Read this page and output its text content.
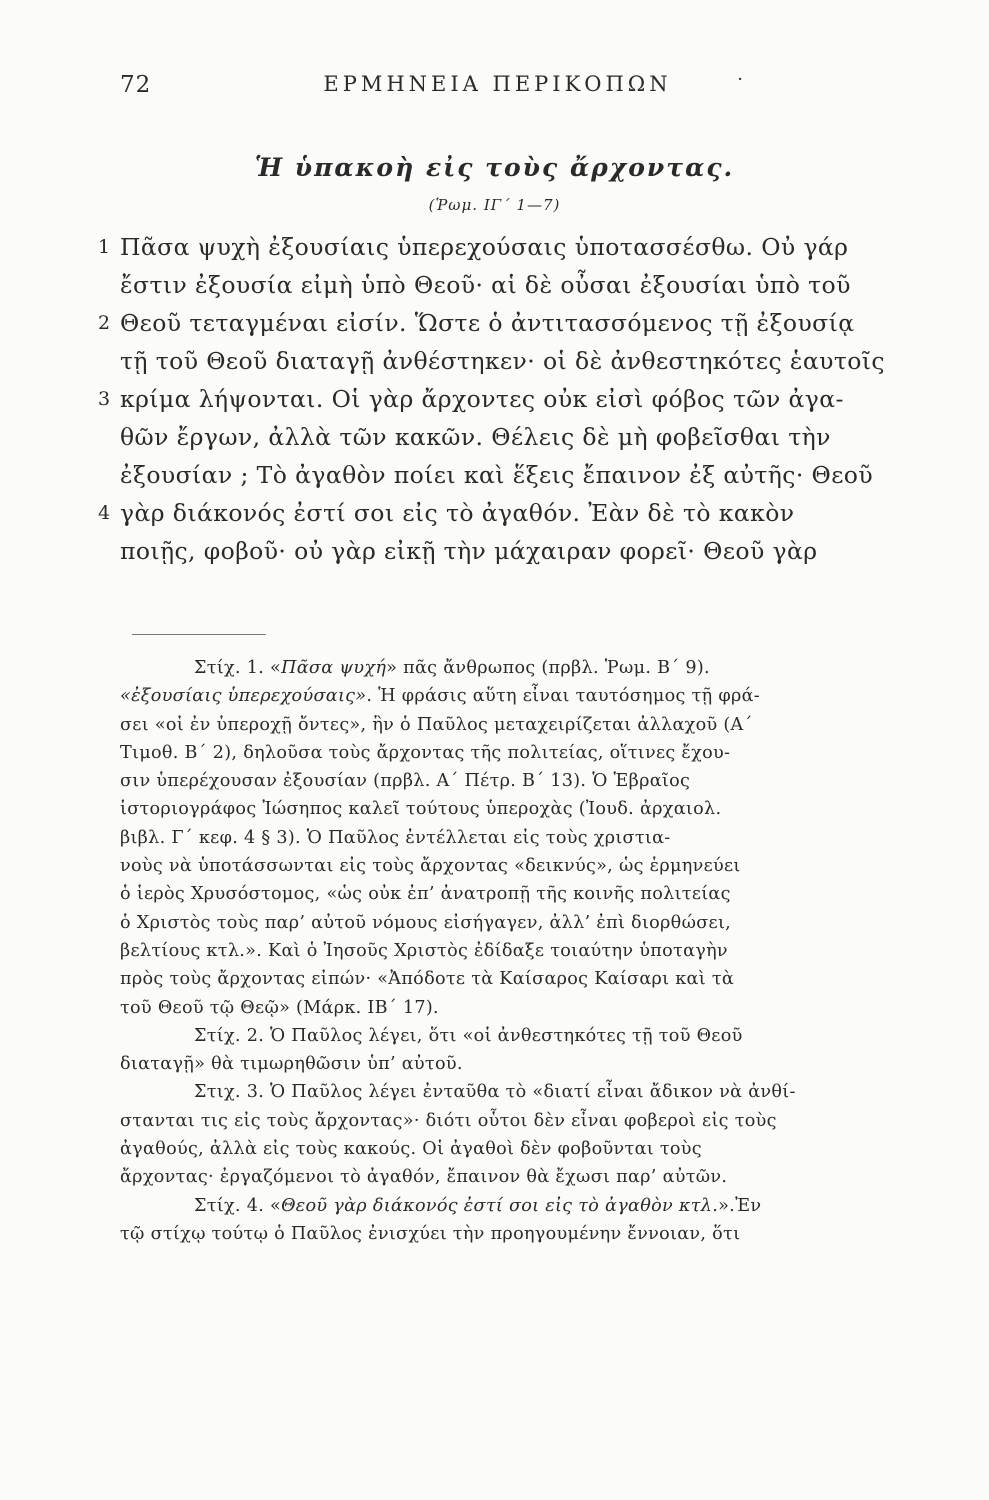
72	ΕΡΜΗΝΕΙΑ ΠΕΡΙΚΟΠΩΝ	·
Ἡ ὑπακοὴ εἰς τοὺς ἄρχοντας.
(Ῥωμ. ΙΓ´ 1—7)
1 Πᾶσα ψυχὴ ἐξουσίαις ὑπερεχούσαις ὑποτασσέσθω. Οὐ γάρ
ἔστιν ἐξουσία εἰμὴ ὑπὸ Θεοῦ· αἱ δὲ οὖσαι ἐξουσίαι ὑπὸ τοῦ
2 Θεοῦ τεταγμέναι εἰσίν. Ὥστε ὁ ἀντιτασσόμενος τῇ ἐξουσίᾳ
τῇ τοῦ Θεοῦ διαταγῇ ἀνθέστηκεν· οἱ δὲ ἀνθεστηκότες ἑαυτοῖς
3 κρίμα λήψονται. Οἱ γὰρ ἄρχοντες οὐκ εἰσὶ φόβος τῶν ἀγα-
θῶν ἔργων, ἀλλὰ τῶν κακῶν. Θέλεις δὲ μὴ φοβεῖσθαι τὴν
ἐξουσίαν ; Τὸ ἀγαθὸν ποίει καὶ ἕξεις ἔπαινον ἐξ αὐτῆς· Θεοῦ
4 γὰρ διάκονός ἐστί σοι εἰς τὸ ἀγαθόν. Ἐὰν δὲ τὸ κακὸν
ποιῇς, φοβοῦ· οὐ γὰρ εἰκῇ τὴν μάχαιραν φορεῖ· Θεοῦ γὰρ
Στίχ. 1. «Πᾶσα ψυχή» πᾶς ἄνθρωπος (πρβλ. Ῥωμ. Β´ 9).
«ἐξουσίαις ὑπερεχούσαις». Ἡ φράσις αὕτη εἶναι ταυτόσημος τῇ φρά-
σει «οἱ ἐν ὑπεροχῇ ὄντες», ἣν ὁ Παῦλος μεταχειρίζεται ἀλλαχοῦ (Α´
Τιμοθ. Β´ 2), δηλοῦσα τοὺς ἄρχοντας τῆς πολιτείας, οἵτινες ἔχου-
σιν ὑπερέχουσαν ἐξουσίαν (πρβλ. Α´ Πέτρ. Β´ 13). Ὁ Ἑβραῖος
ἱστοριογράφος Ἰώσηπος καλεῖ τούτους ὑπεροχὰς (Ἰουδ. ἀρχαιολ.
βιβλ. Γ´ κεφ. 4 § 3). Ὁ Παῦλος ἐντέλλεται εἰς τοὺς χριστια-
νοὺς νὰ ὑποτάσσωνται εἰς τοὺς ἄρχοντας «δεικνύς», ὡς ἑρμηνεύει
ὁ ἱερὸς Χρυσόστομος, «ὡς οὐκ ἐπ’ ἀνατροπῇ τῆς κοινῆς πολιτείας
ὁ Χριστὸς τοὺς παρ’ αὐτοῦ νόμους εἰσήγαγεν, ἀλλ’ ἐπὶ διορθώσει,
βελτίους κτλ.». Καὶ ὁ Ἰησοῦς Χριστὸς ἐδίδαξε τοιαύτην ὑποταγὴν
πρὸς τοὺς ἄρχοντας εἰπών· «Ἀπόδοτε τὰ Καίσαρος Καίσαρι καὶ τὰ
τοῦ Θεοῦ τῷ Θεῷ» (Μάρκ. ΙΒ´ 17).
Στίχ. 2. Ὁ Παῦλος λέγει, ὅτι «οἱ ἀνθεστηκότες τῇ τοῦ Θεοῦ
διαταγῇ» θὰ τιμωρηθῶσιν ὑπ’ αὐτοῦ.
Στιχ. 3. Ὁ Παῦλος λέγει ἐνταῦθα τὸ «διατί εἶναι ἄδικον νὰ ἀνθί-
στανται τις εἰς τοὺς ἄρχοντας»· διότι οὗτοι δὲν εἶναι φοβεροὶ εἰς τοὺς
ἀγαθούς, ἀλλὰ εἰς τοὺς κακούς. Οἱ ἀγαθοὶ δὲν φοβοῦνται τοὺς
ἄρχοντας· ἐργαζόμενοι τὸ ἀγαθόν, ἔπαινον θὰ ἔχωσι παρ’ αὐτῶν.
Στίχ. 4. «Θεοῦ γὰρ διάκονός ἐστί σοι εἰς τὸ ἀγαθὸν κτλ.».Ἐν
τῷ στίχῳ τούτῳ ὁ Παῦλος ἐνισχύει τὴν προηγουμένην ἔννοιαν, ὅτι
